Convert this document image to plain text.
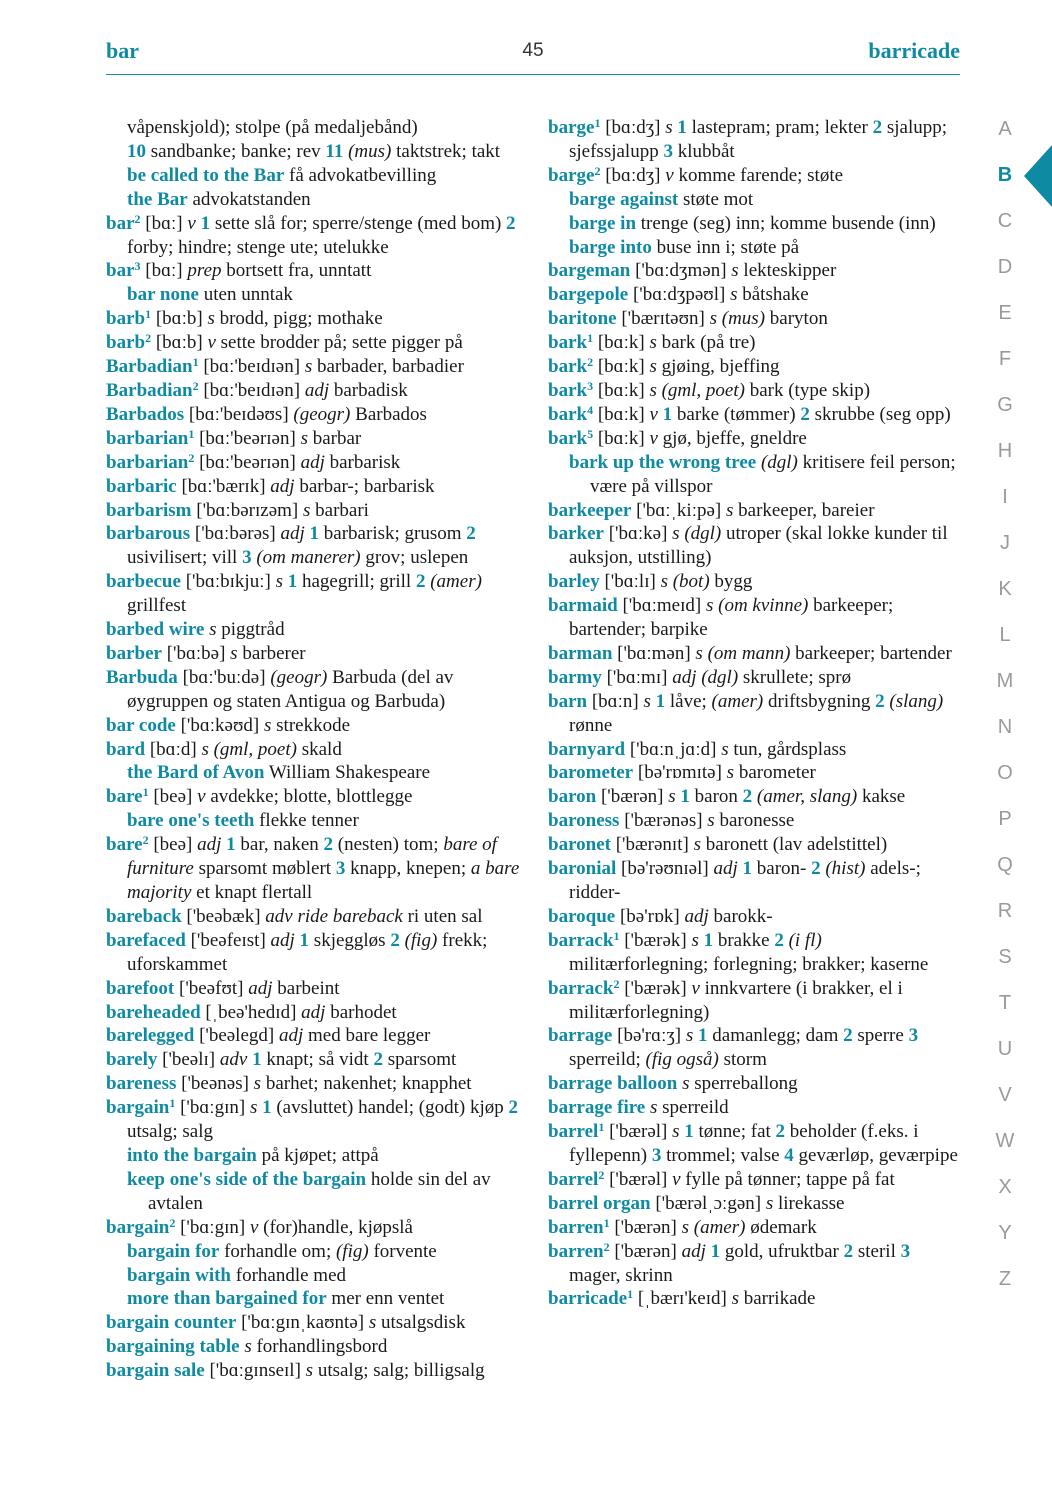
bar	45	barricade
våpenskjold); stolpe (på medaljebånd)
10 sandbanke; banke; rev 11 (mus) taktstrek; takt
be called to the Bar få advokatbevilling
the Bar advokatstanden
bar$^2$ [bɑː] v 1 sette slå for; sperre/stenge (med bom) 2 forby; hindre; stenge ute; utelukke
bar$^3$ [bɑː] prep bortsett fra, unntatt
bar none uten unntak
barb$^1$ [bɑːb] s brodd, pigg; mothake
barb$^2$ [bɑːb] v sette brodder på; sette pigger på
Barbadian$^1$ [bɑː'beɪdɪən] s barbader, barbadier
Barbadian$^2$ [bɑː'beɪdɪən] adj barbadisk
Barbados [bɑː'beɪdəʊs] (geogr) Barbados
barbarian$^1$ [bɑː'beərɪən] s barbar
barbarian$^2$ [bɑː'beərɪən] adj barbarisk
barbaric [bɑː'bærɪk] adj barbar-; barbarisk
barbarism ['bɑːbərɪzəm] s barbari
barbarous ['bɑːbərəs] adj 1 barbarisk; grusom 2 usivilisert; vill 3 (om manerer) grov; uslepen
barbecue ['bɑːbɪkjuː] s 1 hagegrill; grill 2 (amer) grillfest
barbed wire s piggtråd
barber ['bɑːbə] s barberer
Barbuda [bɑː'buːdə] (geogr) Barbuda (del av øygruppen og staten Antigua og Barbuda)
bar code ['bɑːkəʊd] s strekkode
bard [bɑːd] s (gml, poet) skald
the Bard of Avon William Shakespeare
bare$^1$ [beə] v avdekke; blotte, blottlegge
bare one's teeth flekke tenner
bare$^2$ [beə] adj 1 bar, naken 2 (nesten) tom; bare of furniture sparsomt møblert 3 knapp, knepen; a bare majority et knapt flertall
bareback ['beəbæk] adv ride bareback ri uten sal
barefaced ['beəfeɪst] adj 1 skjeggløs 2 (fig) frekk; uforskammet
barefoot ['beəfʊt] adj barbeint
bareheaded [ˌbeə'hedɪd] adj barhodet
barelegged ['beəlegd] adj med bare legger
barely ['beəlɪ] adv 1 knapt; så vidt 2 sparsomt
bareness ['beənəs] s barhet; nakenhet; knapphet
bargain$^1$ ['bɑːgɪn] s 1 (avsluttet) handel; (godt) kjøp 2 utsalg; salg
into the bargain på kjøpet; attpå
keep one's side of the bargain holde sin del av avtalen
bargain$^2$ ['bɑːgɪn] v (for)handle, kjøpslå
bargain for forhandle om; (fig) forvente
bargain with forhandle med
more than bargained for mer enn ventet
bargain counter ['bɑːgɪnˌkaʊntə] s utsalgsdisk
bargaining table s forhandlingsbord
bargain sale ['bɑːgɪnseɪl] s utsalg; salg; billigsalg
barge$^1$ [bɑːdʒ] s 1 lastepram; pram; lekter 2 sjalupp; sjefssjalupp 3 klubbåt
barge$^2$ [bɑːdʒ] v komme farende; støte
barge against støte mot
barge in trenge (seg) inn; komme busende (inn)
barge into buse inn i; støte på
bargeman ['bɑːdʒmən] s lekteskipper
bargepole ['bɑːdʒpəʊl] s båtshake
baritone ['bærɪtəʊn] s (mus) baryton
bark$^1$ [bɑːk] s bark (på tre)
bark$^2$ [bɑːk] s gjøing, bjeffing
bark$^3$ [bɑːk] s (gml, poet) bark (type skip)
bark$^4$ [bɑːk] v 1 barke (tømmer) 2 skrubbe (seg opp)
bark$^5$ [bɑːk] v gjø, bjeffe, gneldre
bark up the wrong tree (dgl) kritisere feil person; være på villspor
barkeeper ['bɑːˌkiːpə] s barkeeper, bareier
barker ['bɑːkə] s (dgl) utroper (skal lokke kunder til auksjon, utstilling)
barley ['bɑːlɪ] s (bot) bygg
barmaid ['bɑːmeɪd] s (om kvinne) barkeeper; bartender; barpike
barman ['bɑːmən] s (om mann) barkeeper; bartender
barmy ['bɑːmɪ] adj (dgl) skrullete; sprø
barn [bɑːn] s 1 låve; (amer) driftsbygning 2 (slang) rønne
barnyard ['bɑːnˌjɑːd] s tun, gårdsplass
barometer [bə'rɒmɪtə] s barometer
baron ['bærən] s 1 baron 2 (amer, slang) kakse
baroness ['bærənəs] s baronesse
baronet ['bærənɪt] s baronett (lav adelstittel)
baronial [bə'rəʊnɪəl] adj 1 baron- 2 (hist) adels-; ridder-
baroque [bə'rɒk] adj barokk-
barrack$^1$ ['bærək] s 1 brakke 2 (i fl) militærforlegning; forlegning; brakker; kaserne
barrack$^2$ ['bærək] v innkvartere (i brakker, el i militærforlegning)
barrage [bə'rɑːʒ] s 1 damanlegg; dam 2 sperre 3 sperreild; (fig også) storm
barrage balloon s sperreballong
barrage fire s sperreild
barrel$^1$ ['bærəl] s 1 tønne; fat 2 beholder (f.eks. i fyllepenn) 3 trommel; valse 4 geværløp, geværpipe
barrel$^2$ ['bærəl] v fylle på tønner; tappe på fat
barrel organ ['bærəlˌɔːgən] s lirekasse
barren$^1$ ['bærən] s (amer) ødemark
barren$^2$ ['bærən] adj 1 gold, ufruktbar 2 steril 3 mager, skrinn
barricade$^1$ [ˌbærɪ'keɪd] s barrikade
A
B
C
D
E
F
G
H
I
J
K
L
M
N
O
P
Q
R
S
T
U
V
W
X
Y
Z
